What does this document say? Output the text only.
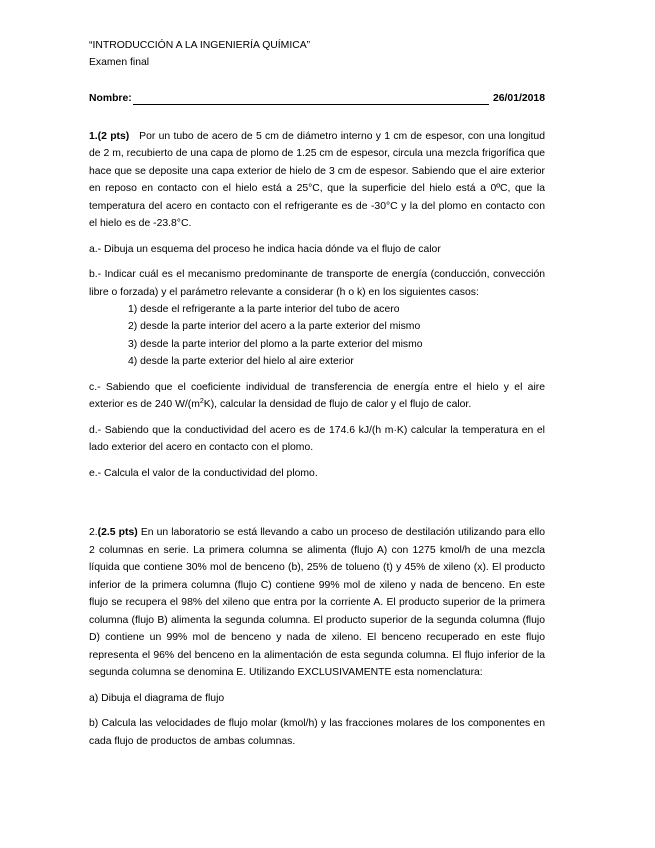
“INTRODUCCIÓN A LA INGENIERÍA QUÍMICA”

Examen final

Nombre:	26/01/2018

1.(2 pts) Por un tubo de acero de 5 cm de diámetro interno y 1 cm de espesor, con una longitud de 2 m, recubierto de una capa de plomo de 1.25 cm de espesor, circula una mezcla frigorífica que hace que se deposite una capa exterior de hielo de 3 cm de espesor. Sabiendo que el aire exterior en reposo en contacto con el hielo está a 25°C, que la superficie del hielo está a 0ºC, que la temperatura del acero en contacto con el refrigerante es de -30°C y la del plomo en contacto con el hielo es de -23.8°C.

a.- Dibuja un esquema del proceso he indica hacia dónde va el flujo de calor

b.- Indicar cuál es el mecanismo predominante de transporte de energía (conducción, convección libre o forzada) y el parámetro relevante a considerar (h o k) en los siguientes casos:

1) desde el refrigerante a la parte interior del tubo de acero
2) desde la parte interior del acero a la parte exterior del mismo
3) desde la parte interior del plomo a la parte exterior del mismo
4) desde la parte exterior del hielo al aire exterior

c.- Sabiendo que el coeficiente individual de transferencia de energía entre el hielo y el aire exterior es de 240 $W/(m^2K)$, calcular la densidad de flujo de calor y el flujo de calor.

d.- Sabiendo que la conductividad del acero es de 174.6 kJ/(h m·K) calcular la temperatura en el lado exterior del acero en contacto con el plomo.

e.- Calcula el valor de la conductividad del plomo.

2.(2.5 pts) En un laboratorio se está llevando a cabo un proceso de destilación utilizando para ello 2 columnas en serie. La primera columna se alimenta (flujo A) con 1275 kmol/h de una mezcla líquida que contiene 30% mol de benceno (b), 25% de tolueno (t) y 45% de xileno (x). El producto inferior de la primera columna (flujo C) contiene 99% mol de xileno y nada de benceno. En este flujo se recupera el 98% del xileno que entra por la corriente A. El producto superior de la primera columna (flujo B) alimenta la segunda columna. El producto superior de la segunda columna (flujo D) contiene un 99% mol de benceno y nada de xileno. El benceno recuperado en este flujo representa el 96% del benceno en la alimentación de esta segunda columna. El flujo inferior de la segunda columna se denomina E. Utilizando EXCLUSIVAMENTE esta nomenclatura:

a) Dibuja el diagrama de flujo

b) Calcula las velocidades de flujo molar (kmol/h) y las fracciones molares de los componentes en cada flujo de productos de ambas columnas.
